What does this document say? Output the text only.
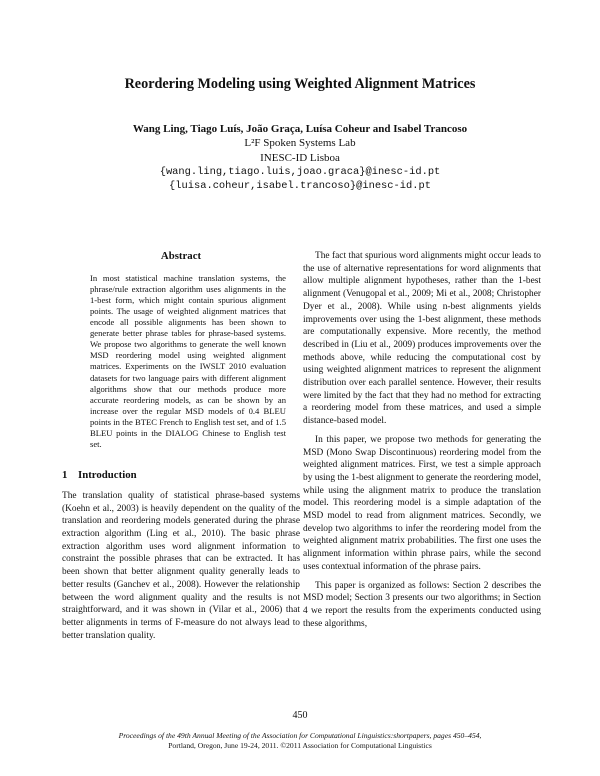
Reordering Modeling using Weighted Alignment Matrices
Wang Ling, Tiago Luís, João Graça, Luísa Coheur and Isabel Trancoso
L²F Spoken Systems Lab
INESC-ID Lisboa
{wang.ling,tiago.luis,joao.graca}@inesc-id.pt
{luisa.coheur,isabel.trancoso}@inesc-id.pt
Abstract

In most statistical machine translation systems, the phrase/rule extraction algorithm uses alignments in the 1-best form, which might contain spurious alignment points. The usage of weighted alignment matrices that encode all possible alignments has been shown to generate better phrase tables for phrase-based systems. We propose two algorithms to generate the well known MSD reordering model using weighted alignment matrices. Experiments on the IWSLT 2010 evaluation datasets for two language pairs with different alignment algorithms show that our methods produce more accurate reordering models, as can be shown by an increase over the regular MSD models of 0.4 BLEU points in the BTEC French to English test set, and of 1.5 BLEU points in the DIALOG Chinese to English test set.

1 Introduction

The translation quality of statistical phrase-based systems (Koehn et al., 2003) is heavily dependent on the quality of the translation and reordering models generated during the phrase extraction algorithm (Ling et al., 2010). The basic phrase extraction algorithm uses word alignment information to constraint the possible phrases that can be extracted. It has been shown that better alignment quality generally leads to better results (Ganchev et al., 2008). However the relationship between the word alignment quality and the results is not straightforward, and it was shown in (Vilar et al., 2006) that better alignments in terms of F-measure do not always lead to better translation quality.

The fact that spurious word alignments might occur leads to the use of alternative representations for word alignments that allow multiple alignment hypotheses, rather than the 1-best alignment (Venugopal et al., 2009; Mi et al., 2008; Christopher Dyer et al., 2008). While using n-best alignments yields improvements over using the 1-best alignment, these methods are computationally expensive. More recently, the method described in (Liu et al., 2009) produces improvements over the methods above, while reducing the computational cost by using weighted alignment matrices to represent the alignment distribution over each parallel sentence. However, their results were limited by the fact that they had no method for extracting a reordering model from these matrices, and used a simple distance-based model.

In this paper, we propose two methods for generating the MSD (Mono Swap Discontinuous) reordering model from the weighted alignment matrices. First, we test a simple approach by using the 1-best alignment to generate the reordering model, while using the alignment matrix to produce the translation model. This reordering model is a simple adaptation of the MSD model to read from alignment matrices. Secondly, we develop two algorithms to infer the reordering model from the weighted alignment matrix probabilities. The first one uses the alignment information within phrase pairs, while the second uses contextual information of the phrase pairs.

This paper is organized as follows: Section 2 describes the MSD model; Section 3 presents our two algorithms; in Section 4 we report the results from the experiments conducted using these algorithms,

450
Proceedings of the 49th Annual Meeting of the Association for Computational Linguistics:shortpapers, pages 450–454,
Portland, Oregon, June 19-24, 2011. ©2011 Association for Computational Linguistics
